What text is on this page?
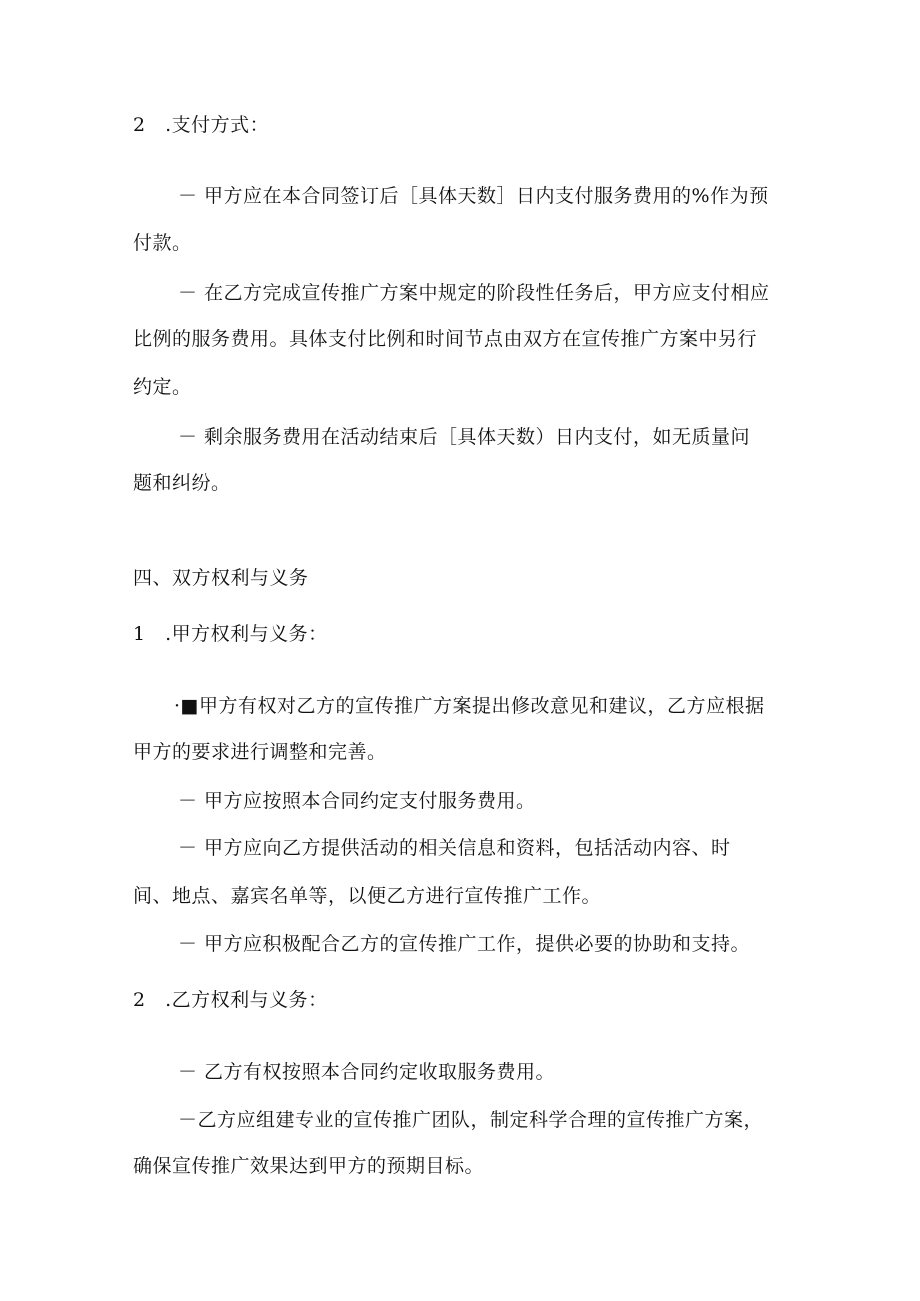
2　.支付方式：
－ 甲方应在本合同签订后［具体天数］日内支付服务费用的%作为预
付款。
－ 在乙方完成宣传推广方案中规定的阶段性任务后，甲方应支付相应
比例的服务费用。具体支付比例和时间节点由双方在宣传推广方案中另行
约定。
－ 剩余服务费用在活动结束后［具体天数）日内支付，如无质量问
题和纠纷。
四、双方权利与义务
1　.甲方权利与义务：
·■甲方有权对乙方的宣传推广方案提出修改意见和建议，乙方应根据
甲方的要求进行调整和完善。
－ 甲方应按照本合同约定支付服务费用。
－ 甲方应向乙方提供活动的相关信息和资料，包括活动内容、时
间、地点、嘉宾名单等，以便乙方进行宣传推广工作。
－ 甲方应积极配合乙方的宣传推广工作，提供必要的协助和支持。
2　.乙方权利与义务：
－ 乙方有权按照本合同约定收取服务费用。
－乙方应组建专业的宣传推广团队，制定科学合理的宣传推广方案，
确保宣传推广效果达到甲方的预期目标。
